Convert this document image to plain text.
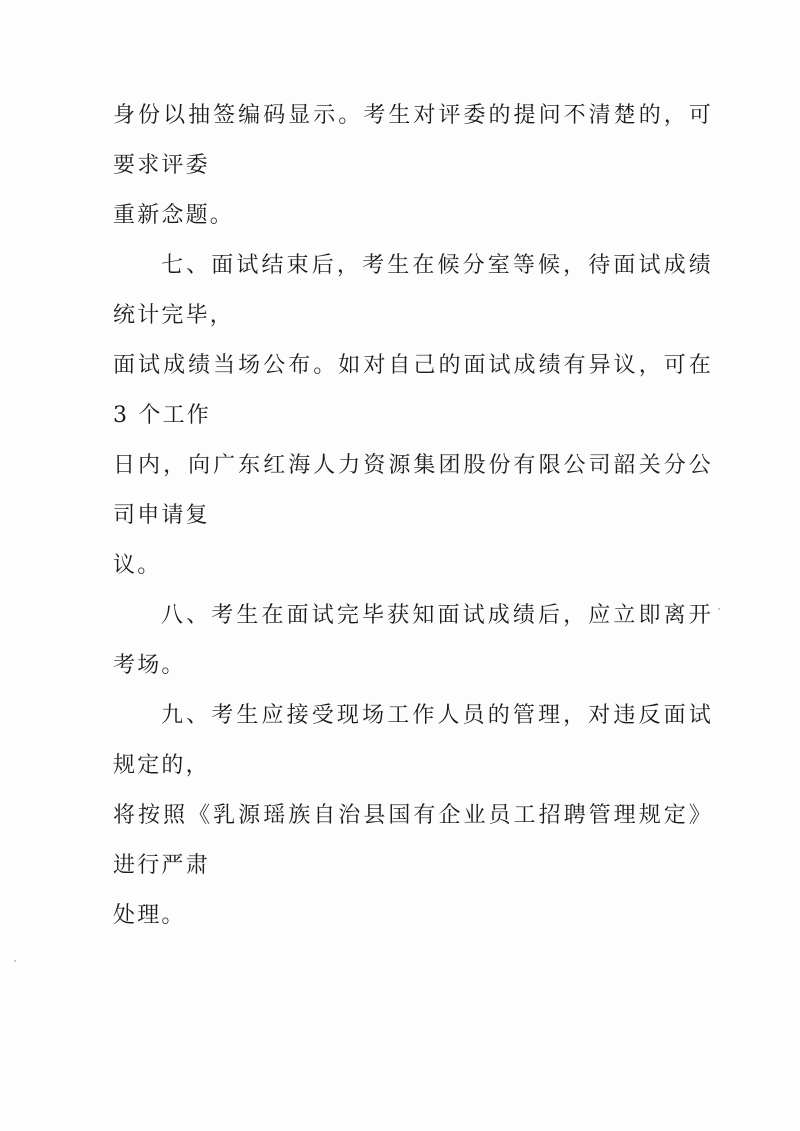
身份以抽签编码显示。考生对评委的提问不清楚的，可要求评委
重新念题。

七、面试结束后，考生在候分室等候，待面试成绩统计完毕，
面试成绩当场公布。如对自己的面试成绩有异议，可在 3 个工作
日内，向广东红海人力资源集团股份有限公司韶关分公司申请复
议。

八、考生在面试完毕获知面试成绩后，应立即离开考场。

九、考生应接受现场工作人员的管理，对违反面试规定的，
将按照《乳源瑶族自治县国有企业员工招聘管理规定》进行严肃
处理。
